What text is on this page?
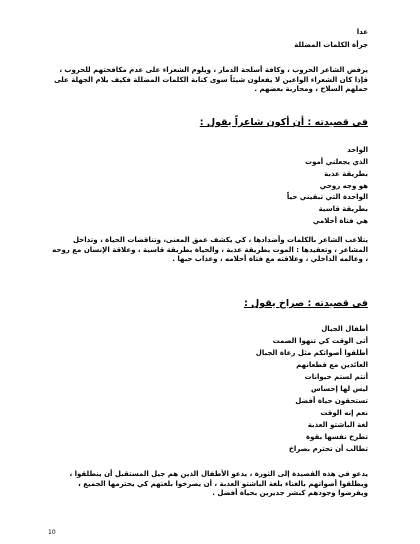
عدا

جرأة الكلمات المضللة

يرفض الشاعر الحروب ، وكافة أسلحة الدمار ، ويلوم الشعراء على عدم مكافحتهم للحروب ، فإذا كان الشعراء الواعين لا يفعلون شيئاً سوى كتابة الكلمات المضللة فكيف يلام الجهلة على حملهم السلاح ، ومحاربة بعضهم .

في قصيدته : أن أكون شاعراً يقول :

الواحد

الذي يجعلني أموت

بطريقة عذبة

هو وجه روحي

الواحدة التي تبقيني حياً

بطريقة قاسية

هي فتاة أحلامي

يتلاعب الشاعر بالكلمات وأضدادها ، كي يكشف عمق المعنى، وتناقضات الحياة ، وتداخل المشاعر ، وتعقيدها : الموت بطريقة عذبة ، والحياة بطريقة قاسية ، وعلاقة الإنسان مع روحه ، وعالمه الداخلي ، وعلاقته مع فتاة أحلامه ، وعذاب حبها .

في قصيدته : صراخ يقول :

أطفال الجبال

أتى الوقت كي تنهوا الصمت

أطلقوا أصواتكم مثل رعاة الجبال

العائدين مع قطعانهم

أنتم لستم حيوانات

ليس لها إحساس

تستحقون حياة أفضل

نعم إنه الوقت

لغة الباشتو العذبة

تطرح نفسها بقوة

تطالب أن تحترم بصراخ

يدعو في هذه القصيدة إلى الثورة ، يدعو الأطفال الذين هم جيل المستقبل أن ينطلقوا ، ويطلقوا أصواتهم بالغناء بلغة الباشتو العذبة ، أن يصرخوا بلغتهم كي يحترمها الجميع ، ويفرضوا وجودهم كبشر جديرين بحياة أفضل .

10
